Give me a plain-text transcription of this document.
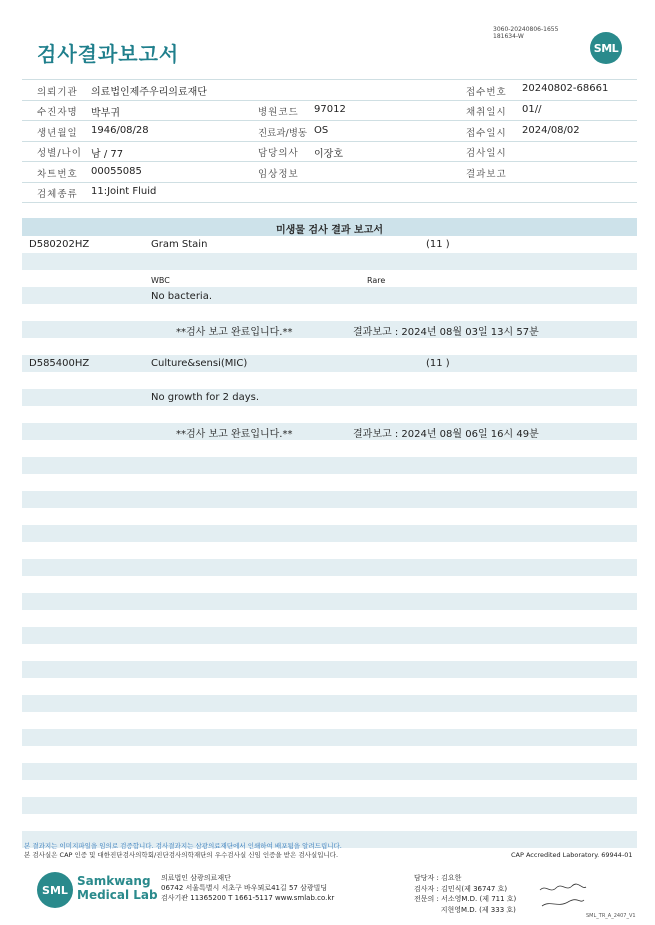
검사결과보고서
3060-20240806-1655
181634-W
SML
의뢰기관 의료법인제주우리의료재단	접수번호 20240802-68661
수진자명 박부귀	병원코드 97012	채취일시 01//
생년월일 1946/08/28	진료과/병동 OS	접수일시 2024/08/02
성별/나이 남 / 77	담당의사 이장호	검사일시
차트번호 00055085	임상정보	결과보고
검체종류 11:Joint Fluid
미생물 검사 결과 보고서
D580202HZ	Gram Stain	(11 )
WBC	Rare
No bacteria.
**검사 보고 완료입니다.**	결과보고 : 2024년 08월 03일 13시 57분
D585400HZ	Culture&sensi(MIC)	(11 )
No growth for 2 days.
**검사 보고 완료입니다.**	결과보고 : 2024년 08월 06일 16시 49분
본 결과지는 이미지파일을 임의로 검증합니다. 검사결과지는 삼광의료재단에서 인쇄하여 배포됨을 알려드립니다.
본 검사실은 CAP 인증 및 대한진단검사의학회/진단검사의학재단의 우수검사실 신임 인증을 받은 검사실입니다.	CAP Accredited Laboratory. 69944-01
SML
Samkwang
Medical Lab
의료법인 삼광의료재단
06742 서울특별시 서초구 바우뫼로41길 57 삼광빌딩
검사기관 11365200 T 1661-5117 www.smlab.co.kr
담당자 : 김요한
검사자 : 김민식(제 36747 호)
전문의 : 서소영M.D. (제 711 호)
지현영M.D. (제 333 호)
SML_TR_A_2407_V1
